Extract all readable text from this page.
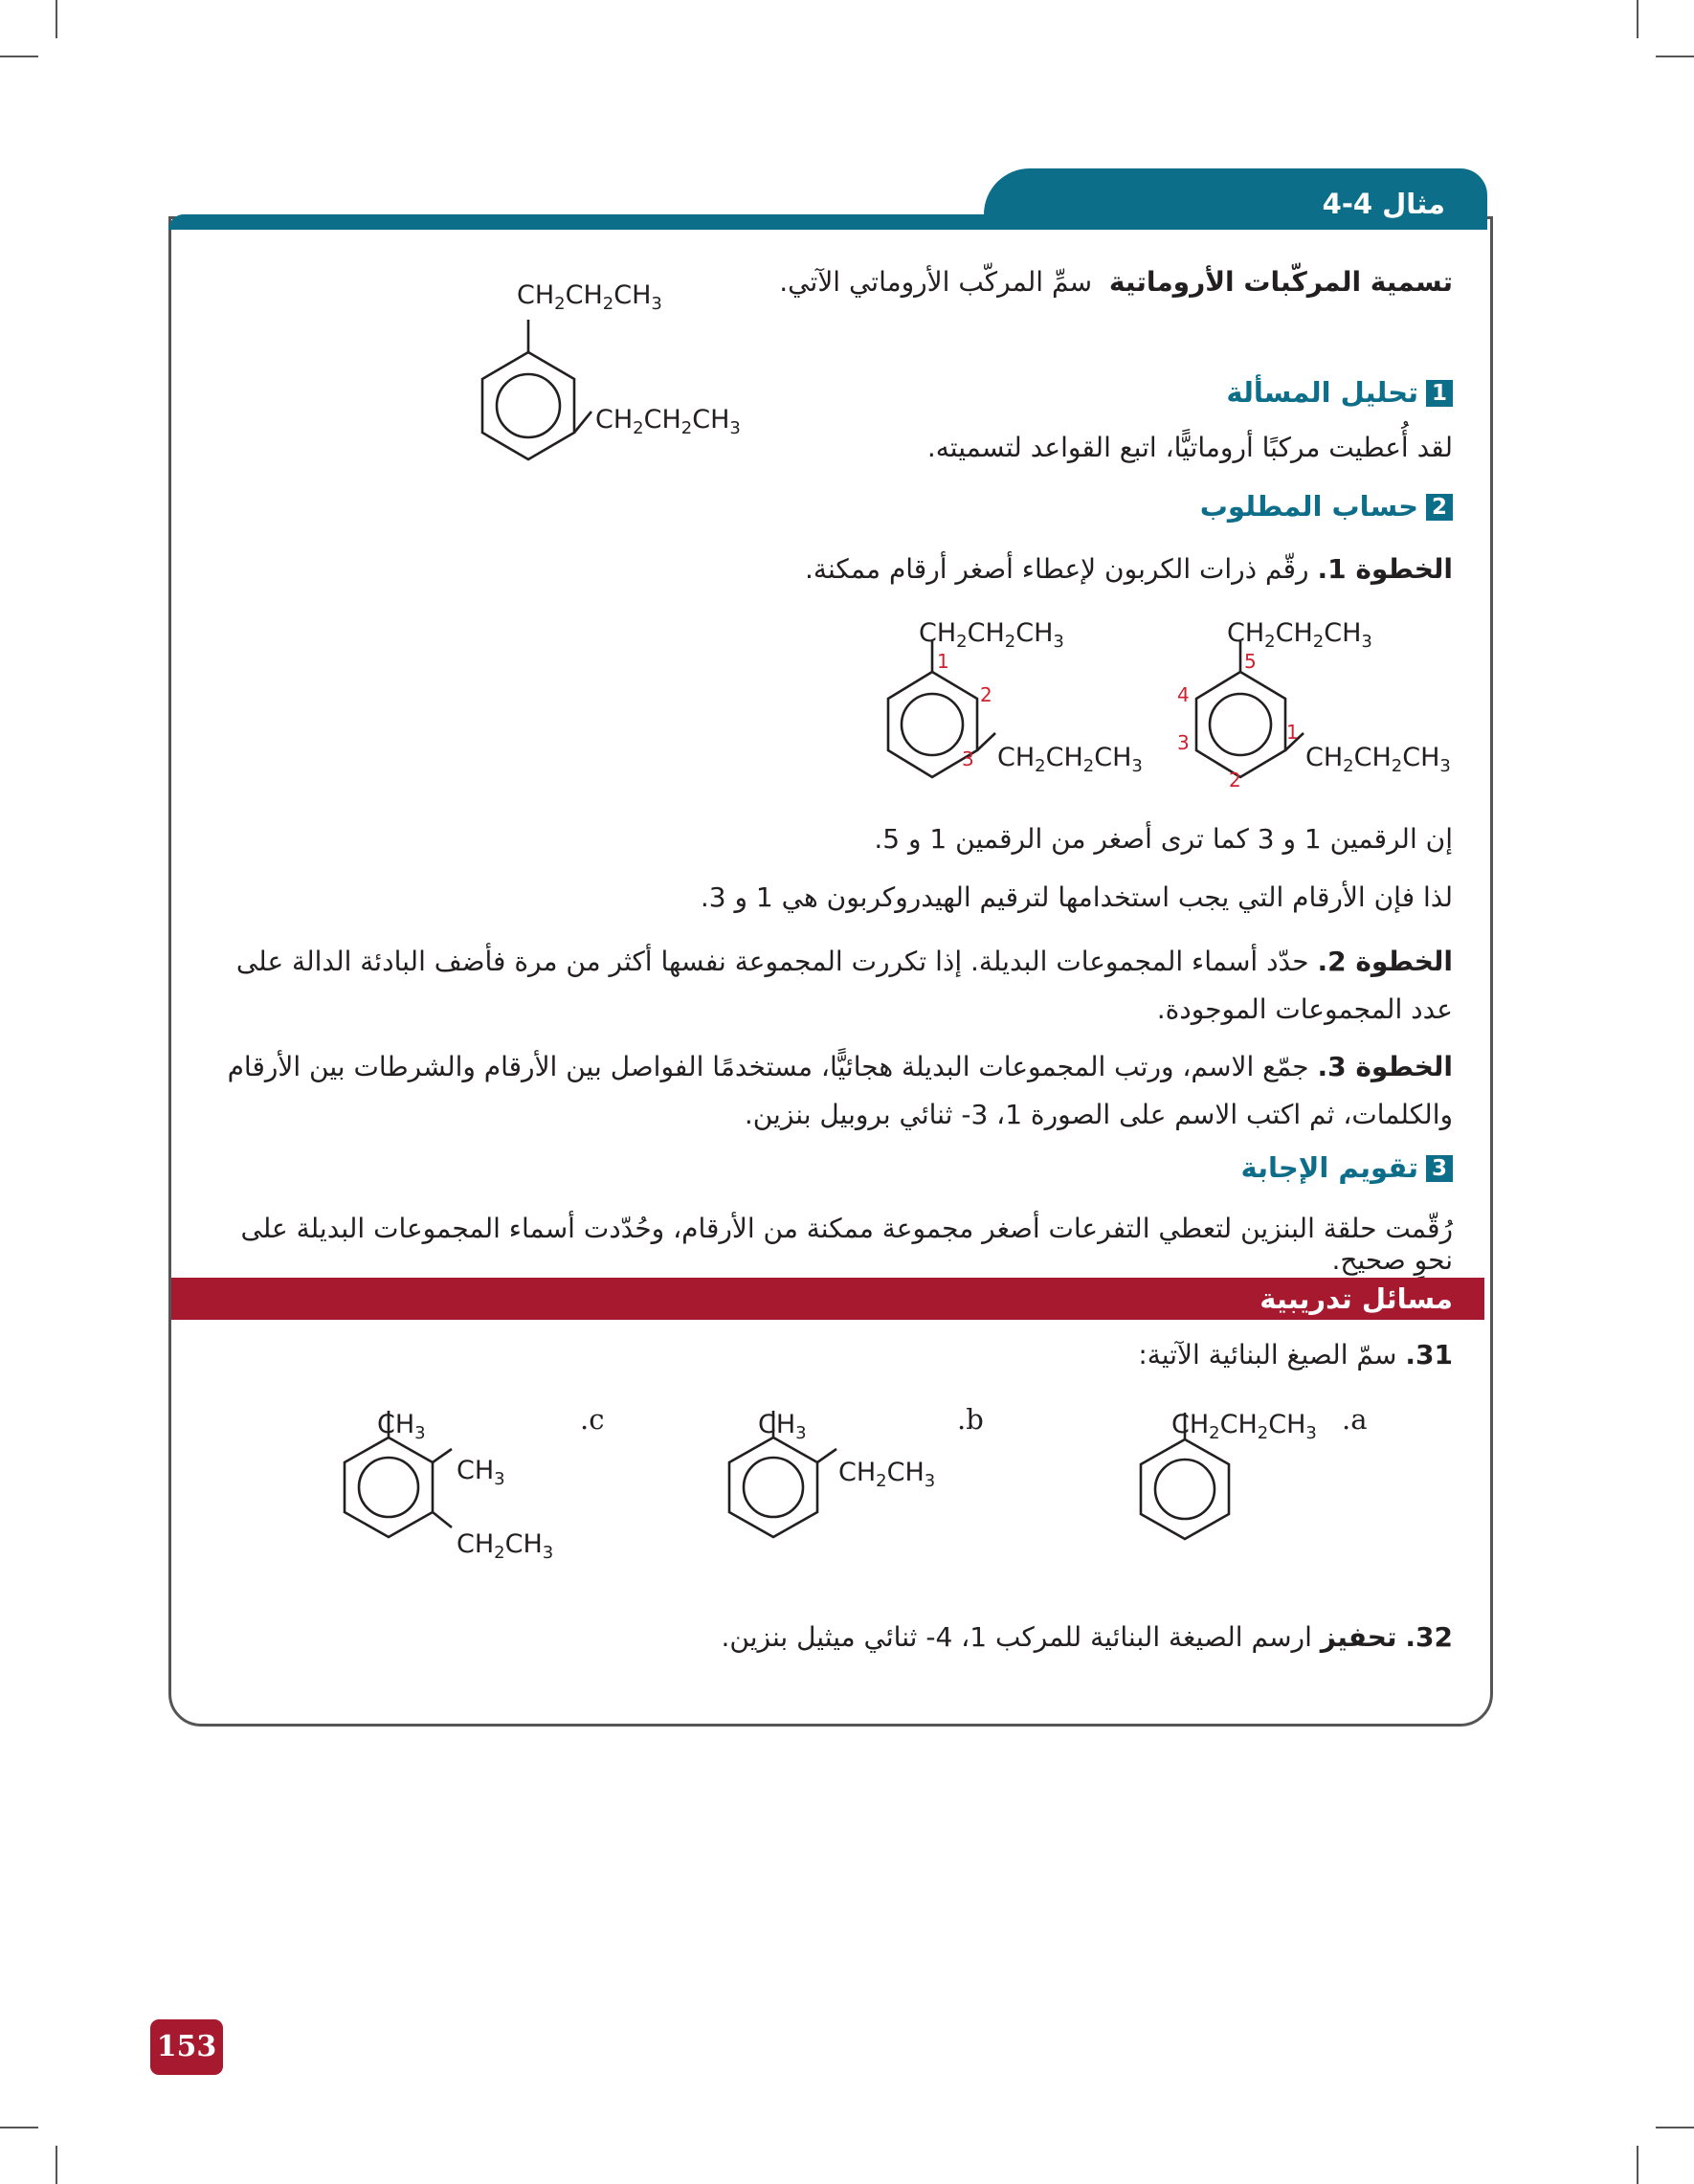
مثال 4-4
تسمية المركّبات الأروماتية  سمِّ المركّب الأروماتي الآتي.
1تحليل المسألة
لقد أُعطيت مركبًا أروماتيًّا، اتبع القواعد لتسميته.
2حساب المطلوب
الخطوة 1. رقّم ذرات الكربون لإعطاء أصغر أرقام ممكنة.
إن الرقمين 1 و 3 كما ترى أصغر من الرقمين 1 و 5.
لذا فإن الأرقام التي يجب استخدامها لترقيم الهيدروكربون هي 1 و 3.
الخطوة 2. حدّد أسماء المجموعات البديلة. إذا تكررت المجموعة نفسها أكثر من مرة فأضف البادئة الدالة على عدد المجموعات الموجودة.
الخطوة 3. جمّع الاسم، ورتب المجموعات البديلة هجائيًّا، مستخدمًا الفواصل بين الأرقام والشرطات بين الأرقام والكلمات، ثم اكتب الاسم على الصورة 1، 3- ثنائي بروبيل بنزين.
3تقويم الإجابة
رُقّمت حلقة البنزين لتعطي التفرعات أصغر مجموعة ممكنة من الأرقام، وحُدّدت أسماء المجموعات البديلة على نحوٍ صحيح.
مسائل تدريبية
31. سمّ الصيغ البنائية الآتية:
32. تحفيز ارسم الصيغة البنائية للمركب 1، 4- ثنائي ميثيل بنزين.
$CH_2CH_2CH_3$
$CH_2CH_2CH_3$
$CH_2CH_2CH_3$
$CH_2CH_2CH_3$
1
2
3
$CH_2CH_2CH_3$
$CH_2CH_2CH_3$
5
4
3
2
1
.c
$CH_3$
$CH_3$
$CH_2CH_3$
.b
$CH_3$
$CH_2CH_3$
.a
$CH_2CH_2CH_3$
153
